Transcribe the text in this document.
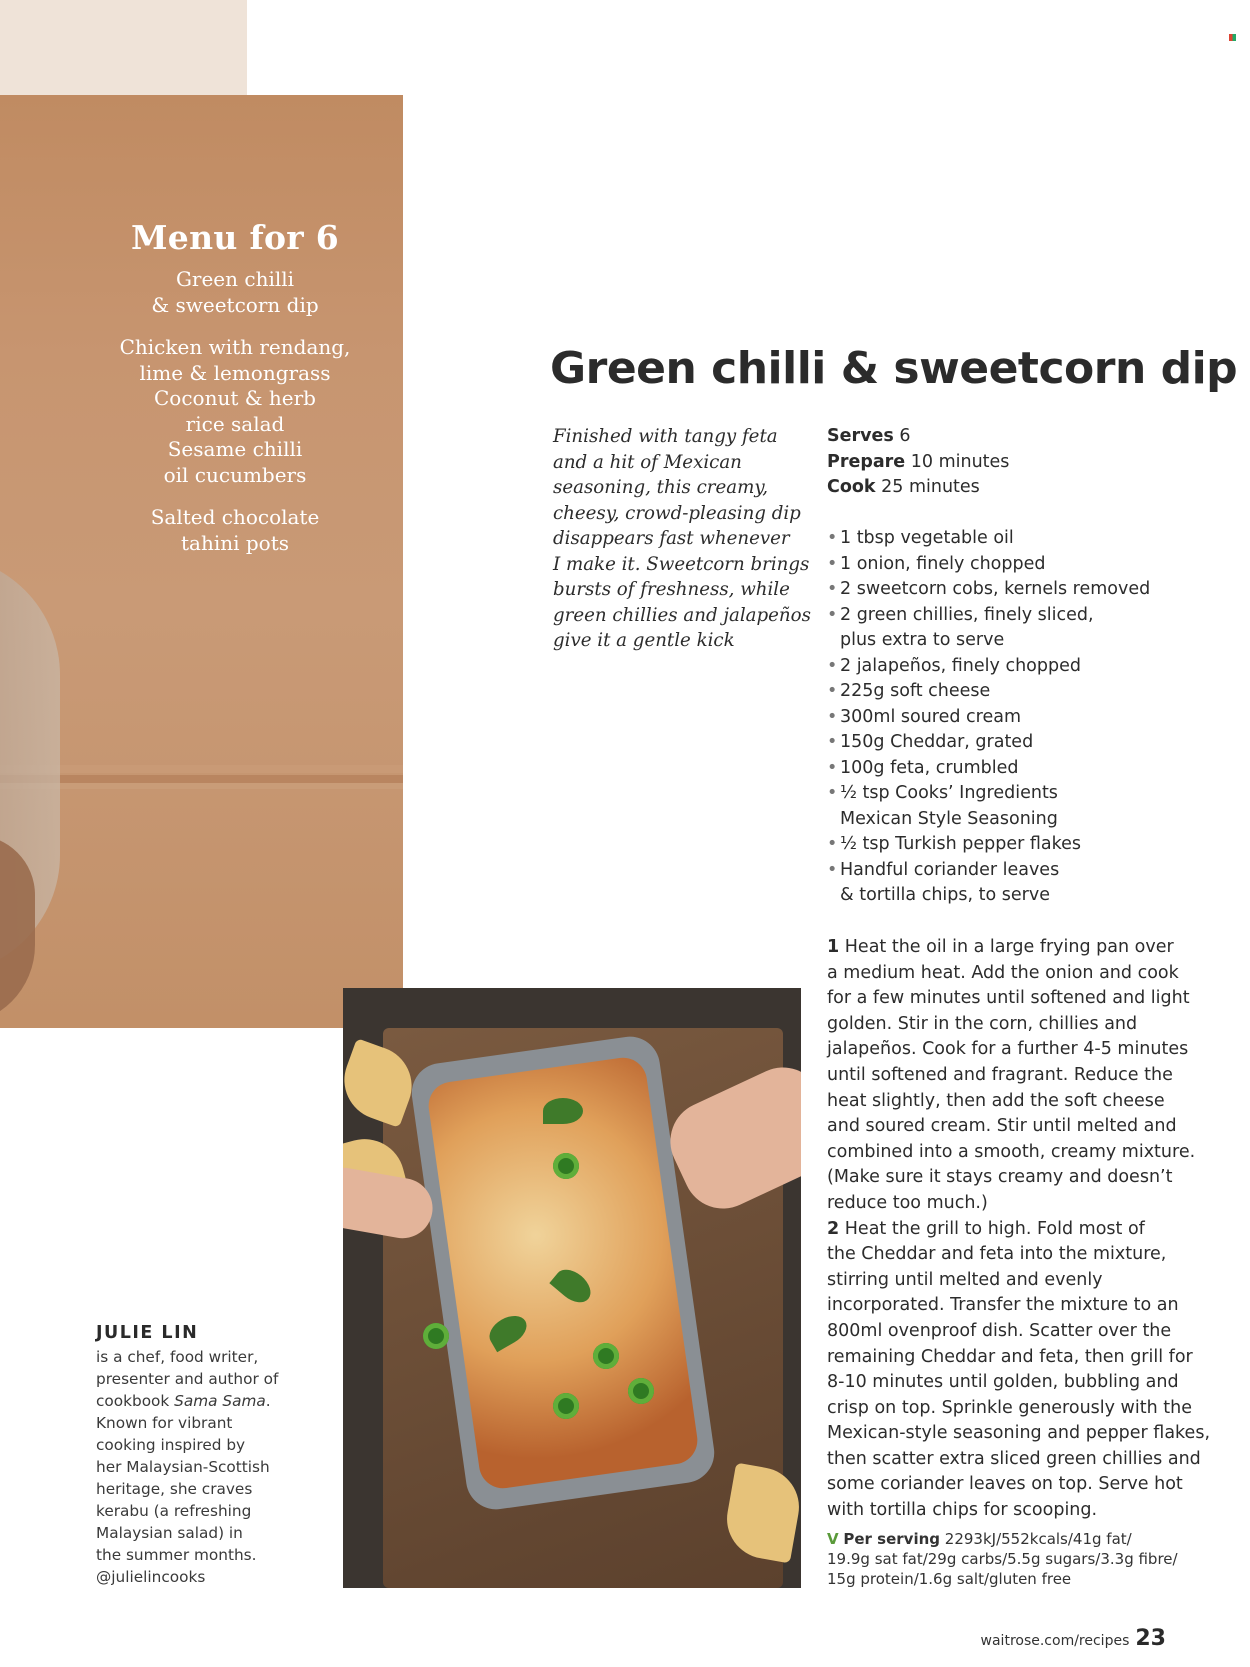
Menu for 6
Green chilli
& sweetcorn dip
Chicken with rendang,
lime & lemongrass
Coconut & herb
rice salad
Sesame chilli
oil cucumbers
Salted chocolate
tahini pots
Green chilli & sweetcorn dip
Finished with tangy feta
and a hit of Mexican
seasoning, this creamy,
cheesy, crowd-pleasing dip
disappears fast whenever
I make it. Sweetcorn brings
bursts of freshness, while
green chillies and jalapeños
give it a gentle kick
Serves 6
Prepare 10 minutes
Cook 25 minutes
• 1 tbsp vegetable oil
• 1 onion, finely chopped
• 2 sweetcorn cobs, kernels removed
• 2 green chillies, finely sliced,
plus extra to serve
• 2 jalapeños, finely chopped
• 225g soft cheese
• 300ml soured cream
• 150g Cheddar, grated
• 100g feta, crumbled
• ½ tsp Cooks’ Ingredients
Mexican Style Seasoning
• ½ tsp Turkish pepper flakes
• Handful coriander leaves
& tortilla chips, to serve
1 Heat the oil in a large frying pan over
a medium heat. Add the onion and cook
for a few minutes until softened and light
golden. Stir in the corn, chillies and
jalapeños. Cook for a further 4-5 minutes
until softened and fragrant. Reduce the
heat slightly, then add the soft cheese
and soured cream. Stir until melted and
combined into a smooth, creamy mixture.
(Make sure it stays creamy and doesn’t
reduce too much.)
2 Heat the grill to high. Fold most of
the Cheddar and feta into the mixture,
stirring until melted and evenly
incorporated. Transfer the mixture to an
800ml ovenproof dish. Scatter over the
remaining Cheddar and feta, then grill for
8-10 minutes until golden, bubbling and
crisp on top. Sprinkle generously with the
Mexican-style seasoning and pepper flakes,
then scatter extra sliced green chillies and
some coriander leaves on top. Serve hot
with tortilla chips for scooping.
V Per serving 2293kJ/552kcals/41g fat/
19.9g sat fat/29g carbs/5.5g sugars/3.3g fibre/
15g protein/1.6g salt/gluten free
JULIE LIN
is a chef, food writer,
presenter and author of
cookbook Sama Sama.
Known for vibrant
cooking inspired by
her Malaysian-Scottish
heritage, she craves
kerabu (a refreshing
Malaysian salad) in
the summer months.
@julielincooks
waitrose.com/recipes 23
